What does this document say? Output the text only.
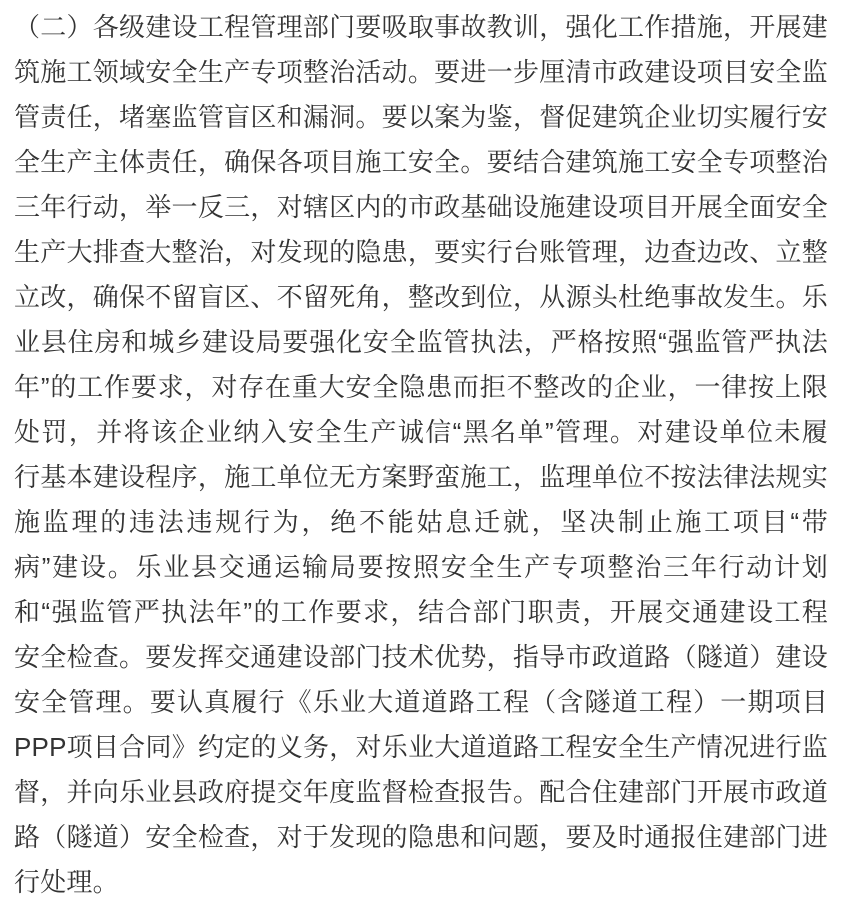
（二）各级建设工程管理部门要吸取事故教训，强化工作措施，开展建
筑施工领域安全生产专项整治活动。要进一步厘清市政建设项目安全监
管责任，堵塞监管盲区和漏洞。要以案为鉴，督促建筑企业切实履行安
全生产主体责任，确保各项目施工安全。要结合建筑施工安全专项整治
三年行动，举一反三，对辖区内的市政基础设施建设项目开展全面安全
生产大排查大整治，对发现的隐患，要实行台账管理，边查边改、立整
立改，确保不留盲区、不留死角，整改到位，从源头杜绝事故发生。乐
业县住房和城乡建设局要强化安全监管执法，严格按照“强监管严执法
年”的工作要求，对存在重大安全隐患而拒不整改的企业，一律按上限
处罚，并将该企业纳入安全生产诚信“黑名单”管理。对建设单位未履
行基本建设程序，施工单位无方案野蛮施工，监理单位不按法律法规实
施监理的违法违规行为，绝不能姑息迁就，坚决制止施工项目“带
病”建设。乐业县交通运输局要按照安全生产专项整治三年行动计划
和“强监管严执法年”的工作要求，结合部门职责，开展交通建设工程
安全检查。要发挥交通建设部门技术优势，指导市政道路（隧道）建设
安全管理。要认真履行《乐业大道道路工程（含隧道工程）一期项目
PPP项目合同》约定的义务，对乐业大道道路工程安全生产情况进行监
督，并向乐业县政府提交年度监督检查报告。配合住建部门开展市政道
路（隧道）安全检查，对于发现的隐患和问题，要及时通报住建部门进
行处理。
